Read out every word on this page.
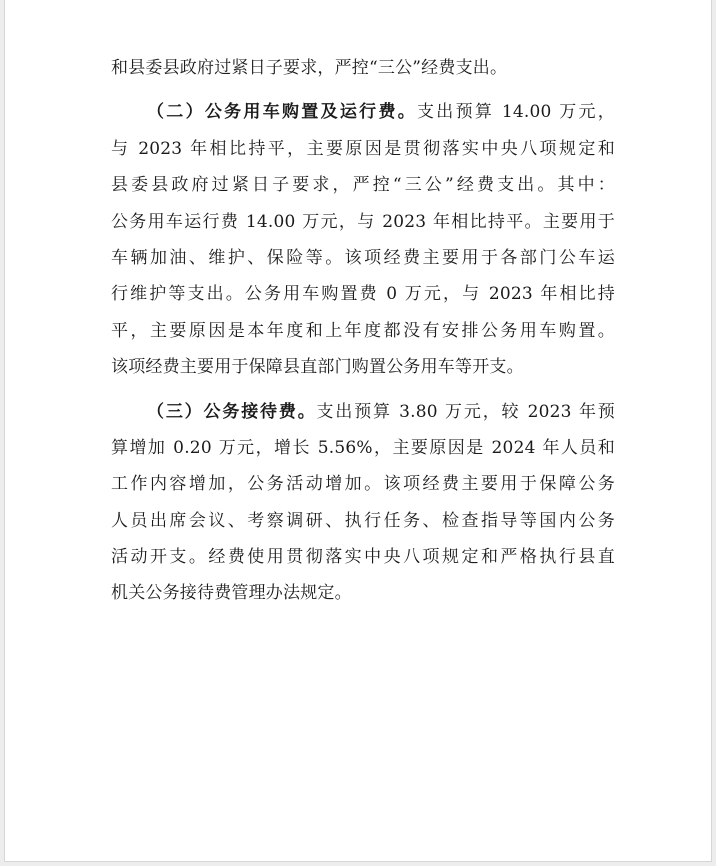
和县委县政府过紧日子要求，严控“三公”经费支出。
（二）公务用车购置及运行费。支出预算 14.00 万元，
与 2023 年相比持平，主要原因是贯彻落实中央八项规定和
县委县政府过紧日子要求，严控“三公”经费支出。其中：
公务用车运行费 14.00 万元，与 2023 年相比持平。主要用于
车辆加油、维护、保险等。该项经费主要用于各部门公车运
行维护等支出。公务用车购置费 0 万元，与 2023 年相比持
平，主要原因是本年度和上年度都没有安排公务用车购置。
该项经费主要用于保障县直部门购置公务用车等开支。
（三）公务接待费。支出预算 3.80 万元，较 2023 年预
算增加 0.20 万元，增长 5.56%，主要原因是 2024 年人员和
工作内容增加，公务活动增加。该项经费主要用于保障公务
人员出席会议、考察调研、执行任务、检查指导等国内公务
活动开支。经费使用贯彻落实中央八项规定和严格执行县直
机关公务接待费管理办法规定。
